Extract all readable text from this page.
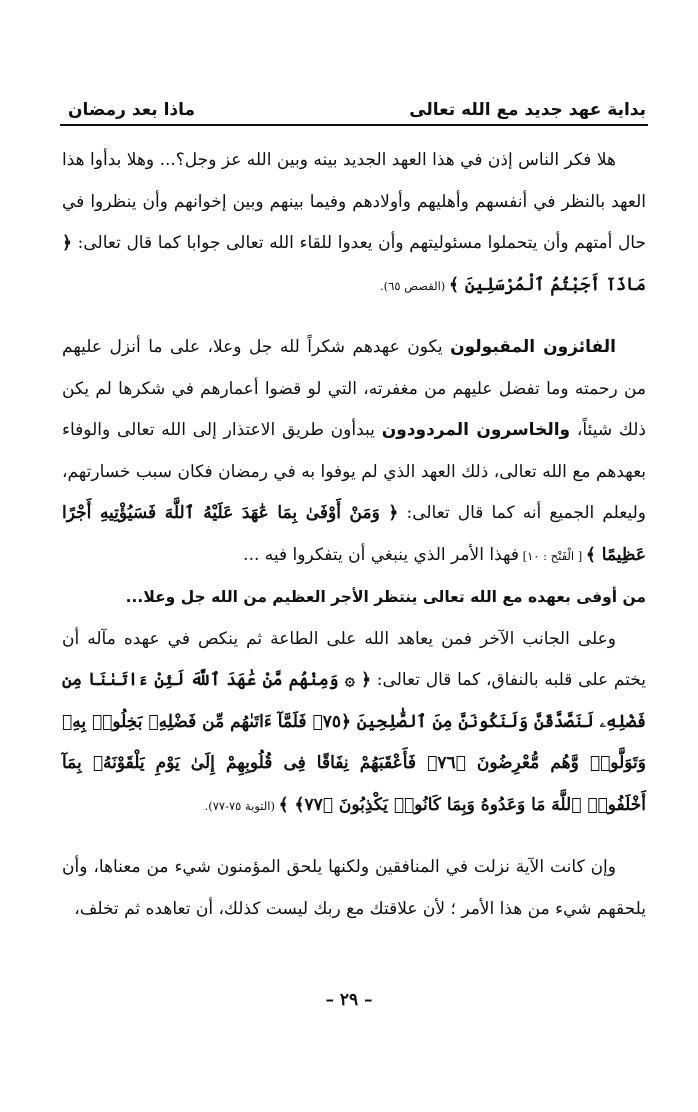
بداية عهد جديد مع الله تعالى
ماذا بعد رمضان

هلا فكر الناس إذن في هذا العهد الجديد بينه وبين الله عز وجل؟... وهلا بدأوا هذا العهد بالنظر في أنفسهم وأهليهم وأولادهم وفيما بينهم وبين إخوانهم وأن ينظروا في حال أمتهم وأن يتحملوا مسئوليتهم وأن يعدوا للقاء الله تعالى جوابا كما قال تعالى: ﴿ مَاذَآ أَجَبْتُمُ ٱلْمُرْسَلِينَ ﴾ (القصص ٦٥).

الفائزون المقبولون يكون عهدهم شكراً لله جل وعلا، على ما أنزل عليهم من رحمته وما تفضل عليهم من مغفرته، التي لو قضوا أعمارهم في شكرها لم يكن ذلك شيئاً، والخاسرون المردودون يبدأون طريق الاعتذار إلى الله تعالى والوفاء بعهدهم مع الله تعالى، ذلك العهد الذي لم يوفوا به في رمضان فكان سبب خسارتهم، وليعلم الجميع أنه كما قال تعالى: ﴿ وَمَنْ أَوْفَىٰ بِمَا عَٰهَدَ عَلَيْهُ ٱللَّهَ فَسَيُؤْتِيهِ أَجْرًا عَظِيمًا ﴾ [ الْفَتْح : ١٠] فهذا الأمر الذي ينبغي أن يتفكروا فيه ...

من أوفى بعهده مع الله تعالى ينتظر الأجر العظيم من الله جل وعلا...

وعلى الجانب الآخر فمن يعاهد الله على الطاعة ثم ينكص في عهده مآله أن يختم على قلبه بالنفاق، كما قال تعالى: ﴿ ۞ وَمِنْهُم مَّنْ عَٰهَدَ ٱللَّهَ لَئِنْ ءَاتَىٰنَا مِن فَضْلِهِۦ لَنَصَّدَّقَنَّ وَلَنَكُونَنَّ مِنَ ٱلصَّٰلِحِينَ ﴿٧٥﴾ فَلَمَّآ ءَاتَىٰهُم مِّن فَضْلِهِۦ بَخِلُوا۟ بِهِۦ وَتَوَلَّوا۟ وَّهُم مُّعْرِضُونَ ﴿٧٦﴾ فَأَعْقَبَهُمْ نِفَاقًا فِى قُلُوبِهِمْ إِلَىٰ يَوْمِ يَلْقَوْنَهُۥ بِمَآ أَخْلَفُوا۟ ٱللَّهَ مَا وَعَدُوهُ وَبِمَا كَانُوا۟ يَكْذِبُونَ ﴿٧٧﴾ ﴾ (التوبة ٧٥-٧٧).

وإن كانت الآية نزلت في المنافقين ولكنها يلحق المؤمنون شيء من معناها، وأن يلحقهم شيء من هذا الأمر ؛ لأن علاقتك مع ربك ليست كذلك، أن تعاهده ثم تخلف،

– ٢٩ –
